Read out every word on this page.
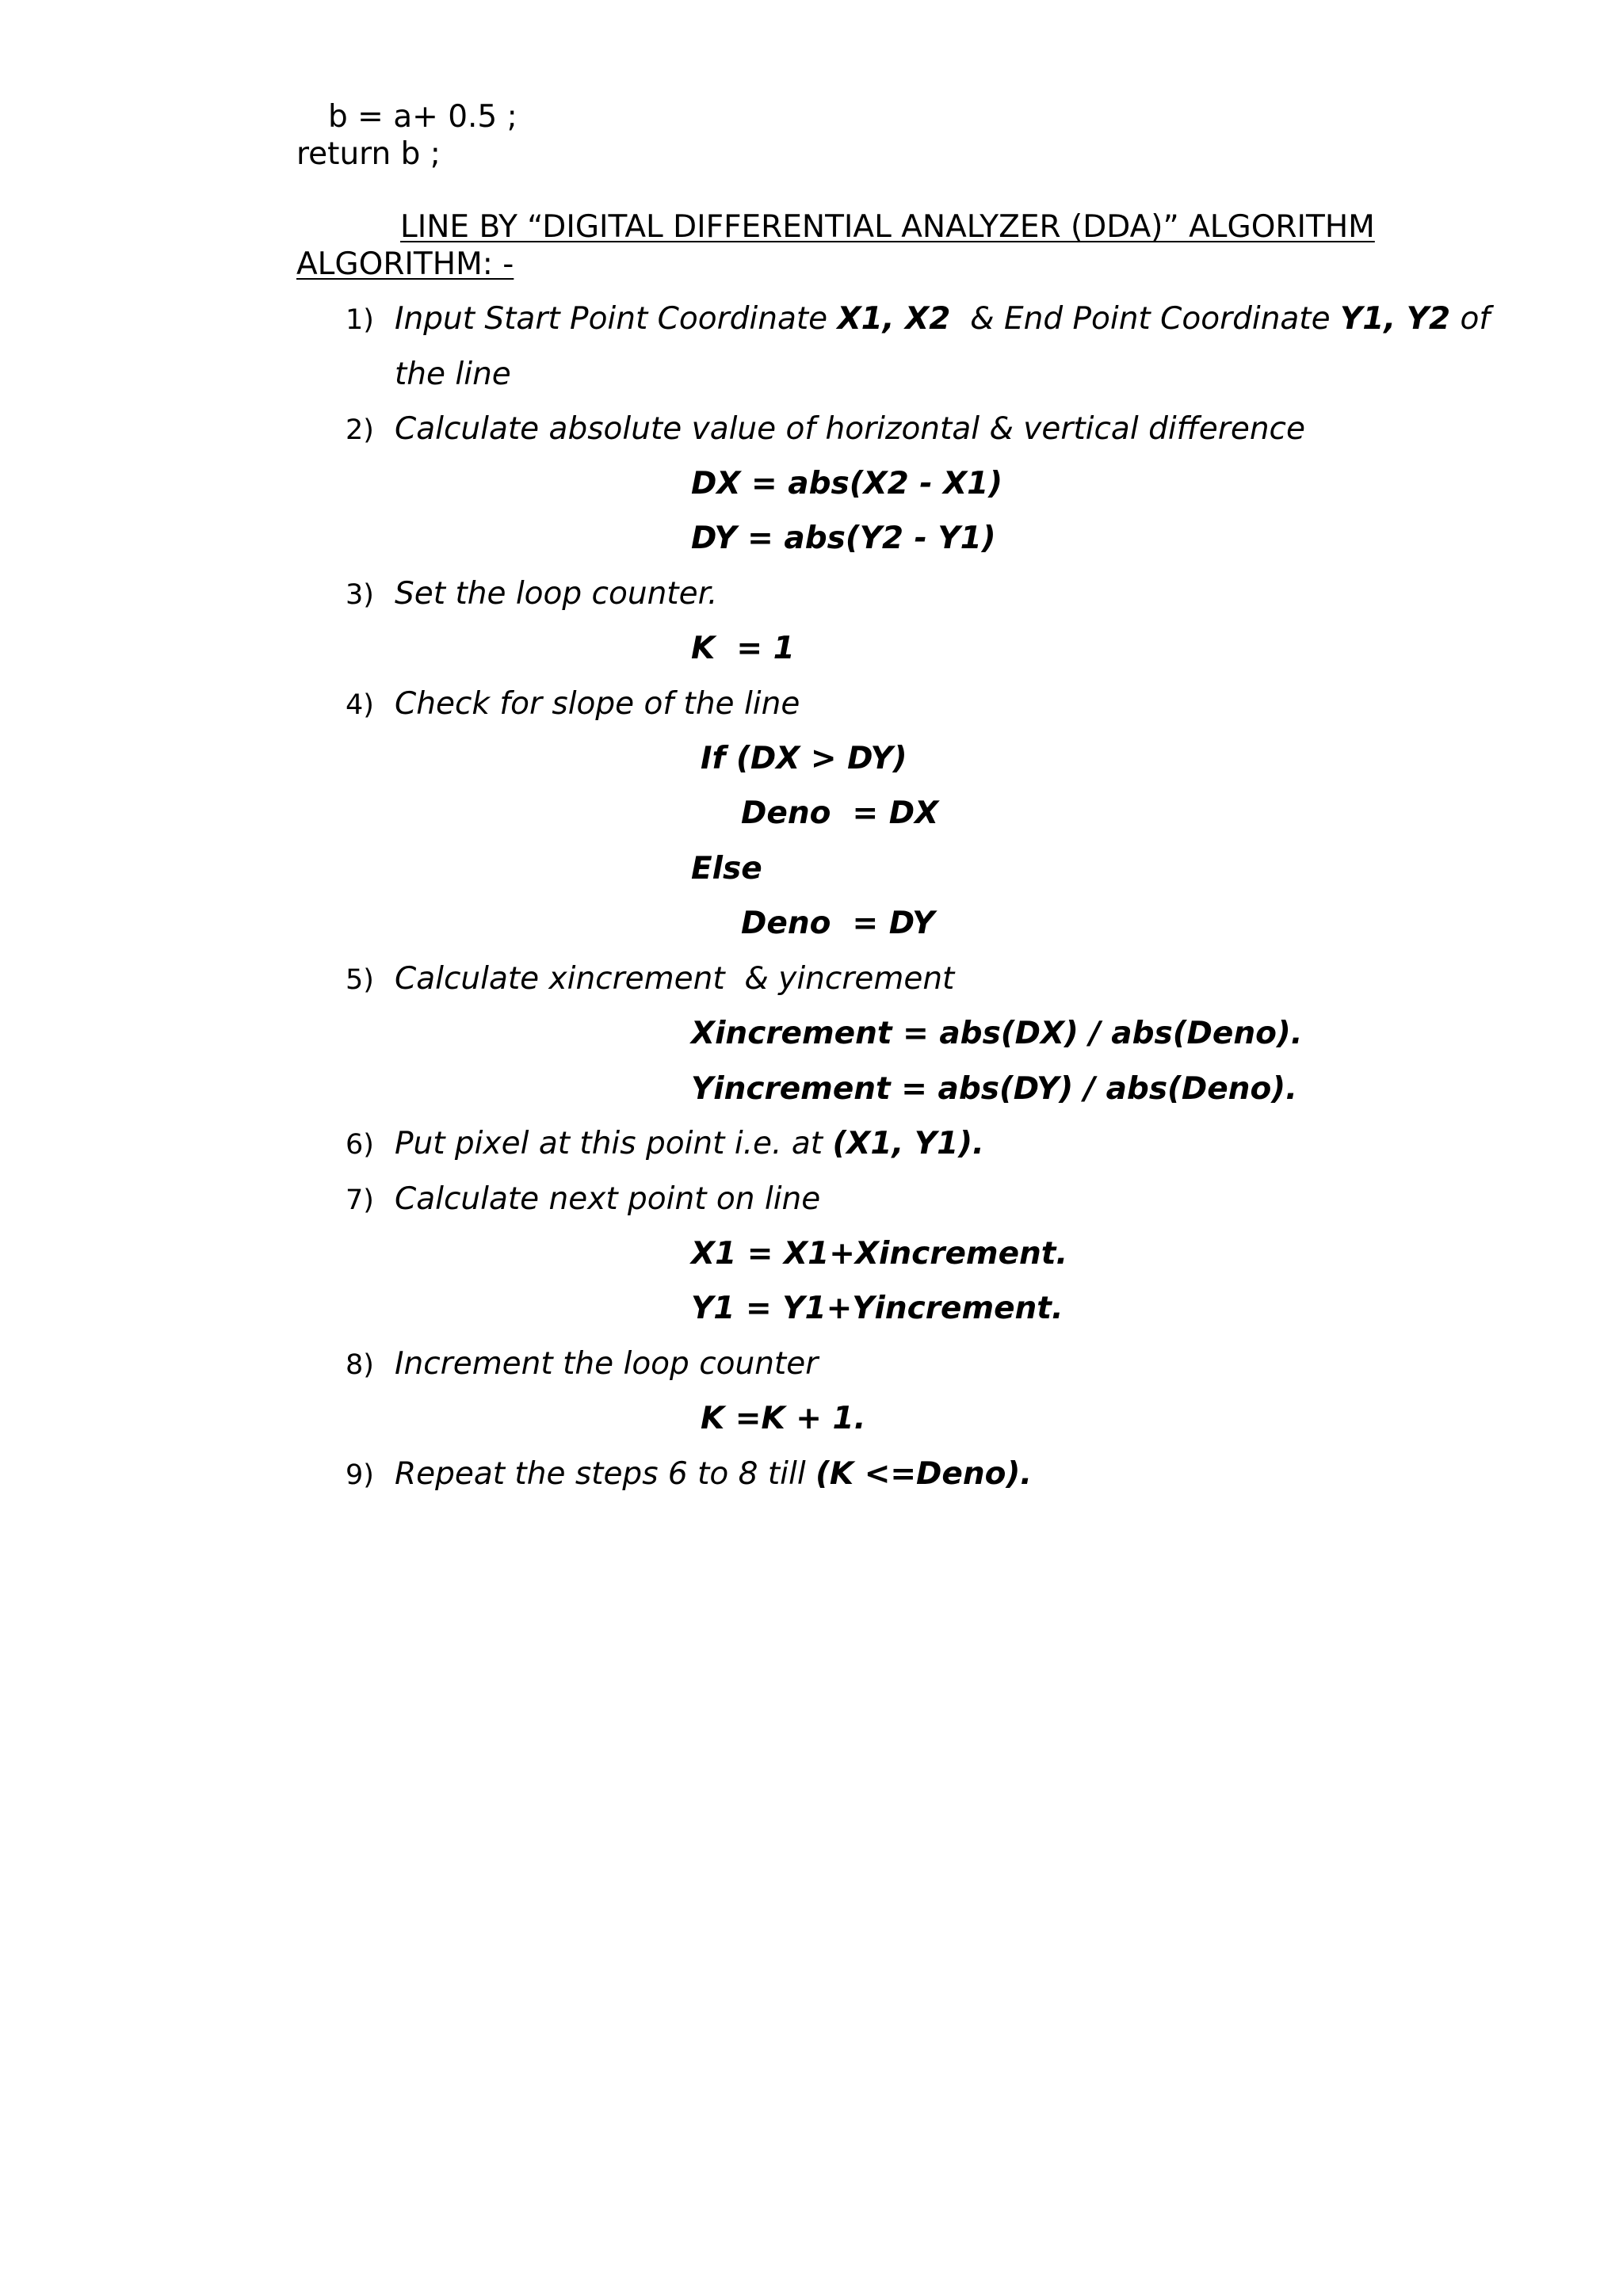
b = a+ 0.5 ;
return b ;
LINE BY “DIGITAL DIFFERENTIAL ANALYZER (DDA)” ALGORITHM
ALGORITHM: -
1) Input Start Point Coordinate X1, X2  & End Point Coordinate Y1, Y2 of
the line
2) Calculate absolute value of horizontal & vertical difference
DX = abs(X2 - X1)
DY = abs(Y2 - Y1)
3) Set the loop counter.
K  = 1
4) Check for slope of the line
If (DX > DY)
Deno  = DX
Else
Deno  = DY
5) Calculate xincrement  & yincrement
Xincrement = abs(DX) / abs(Deno).
Yincrement = abs(DY) / abs(Deno).
6) Put pixel at this point i.e. at (X1, Y1).
7) Calculate next point on line
X1 = X1+Xincrement.
Y1 = Y1+Yincrement.
8) Increment the loop counter
K =K + 1.
9) Repeat the steps 6 to 8 till (K <=Deno).
